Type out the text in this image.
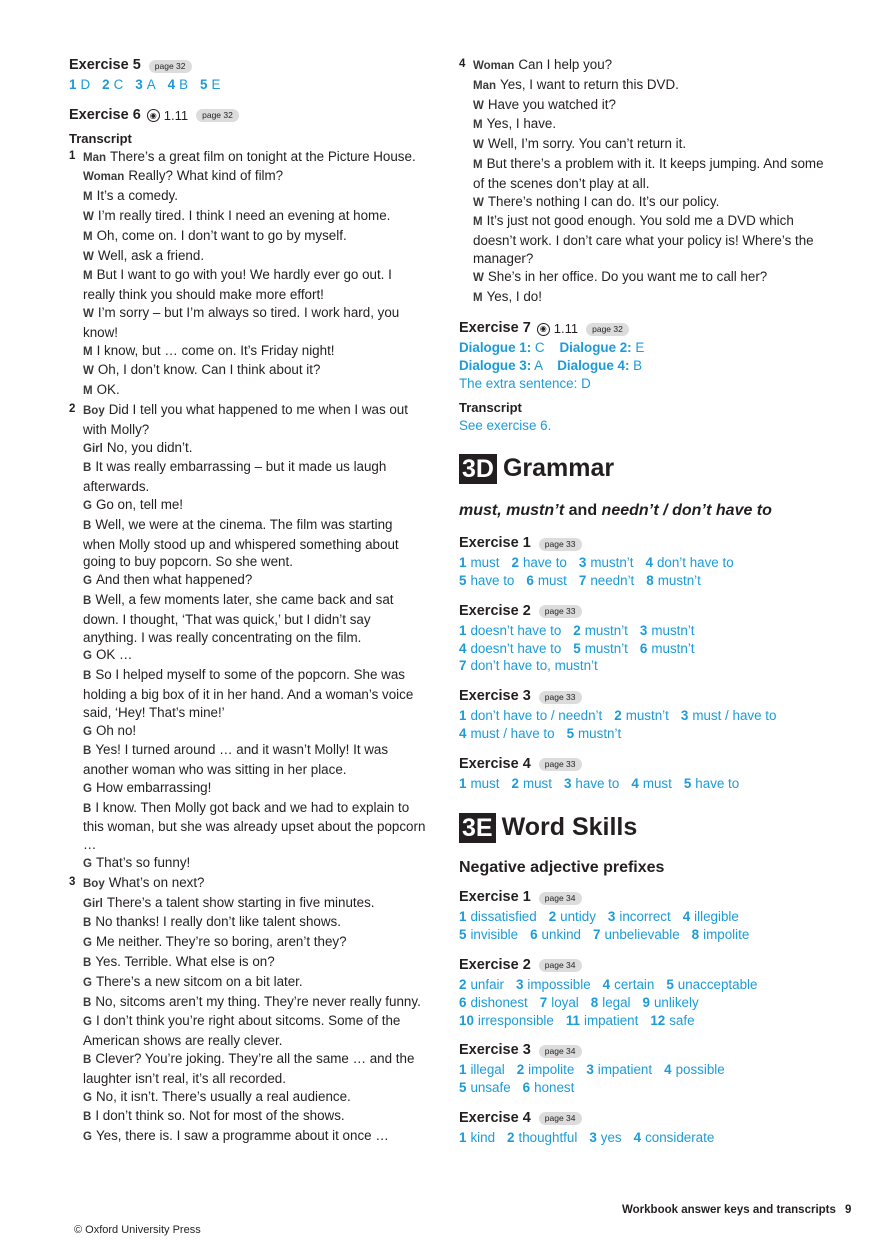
Exercise 5	page 32
1 D 2 C 3 A 4 B 5 E
Exercise 6	◉ 1.11	page 32
Transcript
1 Man There’s a great film on tonight at the Picture House.
Woman Really? What kind of film?
M It’s a comedy.
W I’m really tired. I think I need an evening at home.
M Oh, come on. I don’t want to go by myself.
W Well, ask a friend.
M But I want to go with you! We hardly ever go out. I really think you should make more effort!
W I’m sorry – but I’m always so tired. I work hard, you know!
M I know, but … come on. It’s Friday night!
W Oh, I don’t know. Can I think about it?
M OK.
2 Boy Did I tell you what happened to me when I was out with Molly?
Girl No, you didn’t.
B It was really embarrassing – but it made us laugh afterwards.
G Go on, tell me!
B Well, we were at the cinema. The film was starting when Molly stood up and whispered something about going to buy popcorn. So she went.
G And then what happened?
B Well, a few moments later, she came back and sat down. I thought, ‘That was quick,’ but I didn’t say anything. I was really concentrating on the film.
G OK …
B So I helped myself to some of the popcorn. She was holding a big box of it in her hand. And a woman’s voice said, ‘Hey! That’s mine!’
G Oh no!
B Yes! I turned around … and it wasn’t Molly! It was another woman who was sitting in her place.
G How embarrassing!
B I know. Then Molly got back and we had to explain to this woman, but she was already upset about the popcorn …
G That’s so funny!
3 Boy What’s on next?
Girl There’s a talent show starting in five minutes.
B No thanks! I really don’t like talent shows.
G Me neither. They’re so boring, aren’t they?
B Yes. Terrible. What else is on?
G There’s a new sitcom on a bit later.
B No, sitcoms aren’t my thing. They’re never really funny.
G I don’t think you’re right about sitcoms. Some of the American shows are really clever.
B Clever? You’re joking. They’re all the same … and the laughter isn’t real, it’s all recorded.
G No, it isn’t. There’s usually a real audience.
B I don’t think so. Not for most of the shows.
G Yes, there is. I saw a programme about it once …
4 Woman Can I help you?
Man Yes, I want to return this DVD.
W Have you watched it?
M Yes, I have.
W Well, I’m sorry. You can’t return it.
M But there’s a problem with it. It keeps jumping. And some of the scenes don’t play at all.
W There’s nothing I can do. It’s our policy.
M It’s just not good enough. You sold me a DVD which doesn’t work. I don’t care what your policy is! Where’s the manager?
W She’s in her office. Do you want me to call her?
M Yes, I do!
Exercise 7	◉ 1.11	page 32
Dialogue 1: C Dialogue 2: E
Dialogue 3: A Dialogue 4: B
The extra sentence: D
Transcript
See exercise 6.
3D Grammar
must, mustn’t and needn’t / don’t have to
Exercise 1	page 33
1 must 2 have to 3 mustn’t 4 don’t have to
5 have to 6 must 7 needn’t 8 mustn’t
Exercise 2	page 33
1 doesn’t have to 2 mustn’t 3 mustn’t
4 doesn’t have to 5 mustn’t 6 mustn’t
7 don’t have to, mustn’t
Exercise 3	page 33
1 don’t have to / needn’t 2 mustn’t 3 must / have to
4 must / have to 5 mustn’t
Exercise 4	page 33
1 must 2 must 3 have to 4 must 5 have to
3E Word Skills
Negative adjective prefixes
Exercise 1	page 34
1 dissatisfied 2 untidy 3 incorrect 4 illegible
5 invisible 6 unkind 7 unbelievable 8 impolite
Exercise 2	page 34
2 unfair 3 impossible 4 certain 5 unacceptable
6 dishonest 7 loyal 8 legal 9 unlikely
10 irresponsible 11 impatient 12 safe
Exercise 3	page 34
1 illegal 2 impolite 3 impatient 4 possible
5 unsafe 6 honest
Exercise 4	page 34
1 kind 2 thoughtful 3 yes 4 considerate
Workbook answer keys and transcripts 9
© Oxford University Press
